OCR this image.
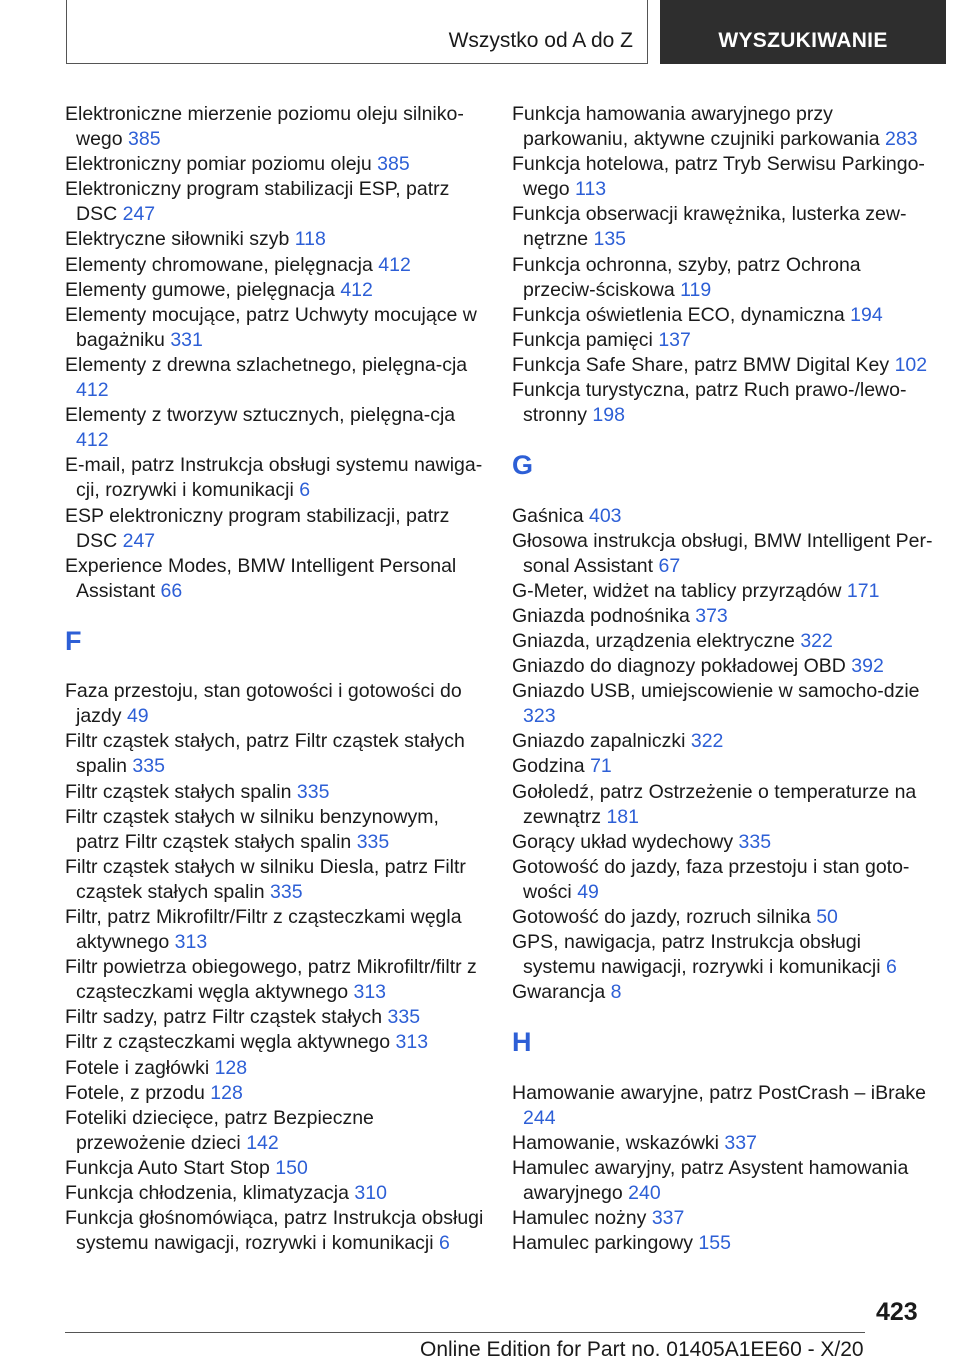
Wszystko od A do Z	WYSZUKIWANIE

Elektroniczne mierzenie poziomu oleju silniko‐wego 385

Elektroniczny pomiar poziomu oleju 385

Elektroniczny program stabilizacji ESP, patrz DSC 247

Elektryczne siłowniki szyb 118

Elementy chromowane, pielęgnacja 412

Elementy gumowe, pielęgnacja 412

Elementy mocujące, patrz Uchwyty mocujące w bagażniku 331

Elementy z drewna szlachetnego, pielęgna‐cja 412

Elementy z tworzyw sztucznych, pielęgna‐cja 412

E-mail, patrz Instrukcja obsługi systemu nawiga‐cji, rozrywki i komunikacji 6

ESP elektroniczny program stabilizacji, patrz DSC 247

Experience Modes, BMW Intelligent Personal Assistant 66

F

Faza przestoju, stan gotowości i gotowości do jazdy 49

Filtr cząstek stałych, patrz Filtr cząstek stałych spalin 335

Filtr cząstek stałych spalin 335

Filtr cząstek stałych w silniku benzynowym, patrz Filtr cząstek stałych spalin 335

Filtr cząstek stałych w silniku Diesla, patrz Filtr cząstek stałych spalin 335

Filtr, patrz Mikrofiltr/Filtr z cząsteczkami węgla aktywnego 313

Filtr powietrza obiegowego, patrz Mikrofiltr/filtr z cząsteczkami węgla aktywnego 313

Filtr sadzy, patrz Filtr cząstek stałych 335

Filtr z cząsteczkami węgla aktywnego 313

Fotele i zagłówki 128

Fotele, z przodu 128

Foteliki dziecięce, patrz Bezpieczne przewożenie dzieci 142

Funkcja Auto Start Stop 150

Funkcja chłodzenia, klimatyzacja 310

Funkcja głośnomówiąca, patrz Instrukcja obsługi systemu nawigacji, rozrywki i komunikacji 6

Funkcja hamowania awaryjnego przy parkowaniu, aktywne czujniki parkowania 283

Funkcja hotelowa, patrz Tryb Serwisu Parkingo‐wego 113

Funkcja obserwacji krawężnika, lusterka zew‐nętrzne 135

Funkcja ochronna, szyby, patrz Ochrona przeciw‐ściskowa 119

Funkcja oświetlenia ECO, dynamiczna 194

Funkcja pamięci 137

Funkcja Safe Share, patrz BMW Digital Key 102

Funkcja turystyczna, patrz Ruch prawo-/lewo‐stronny 198

G

Gaśnica 403

Głosowa instrukcja obsługi, BMW Intelligent Per‐sonal Assistant 67

G-Meter, widżet na tablicy przyrządów 171

Gniazda podnośnika 373

Gniazda, urządzenia elektryczne 322

Gniazdo do diagnozy pokładowej OBD 392

Gniazdo USB, umiejscowienie w samocho‐dzie 323

Gniazdo zapalniczki 322

Godzina 71

Gołoledź, patrz Ostrzeżenie o temperaturze na zewnątrz 181

Gorący układ wydechowy 335

Gotowość do jazdy, faza przestoju i stan goto‐wości 49

Gotowość do jazdy, rozruch silnika 50

GPS, nawigacja, patrz Instrukcja obsługi systemu nawigacji, rozrywki i komunikacji 6

Gwarancja 8

H

Hamowanie awaryjne, patrz PostCrash – iBrake 244

Hamowanie, wskazówki 337

Hamulec awaryjny, patrz Asystent hamowania awaryjnego 240

Hamulec nożny 337

Hamulec parkingowy 155

423
Online Edition for Part no. 01405A1EE60 - X/20
